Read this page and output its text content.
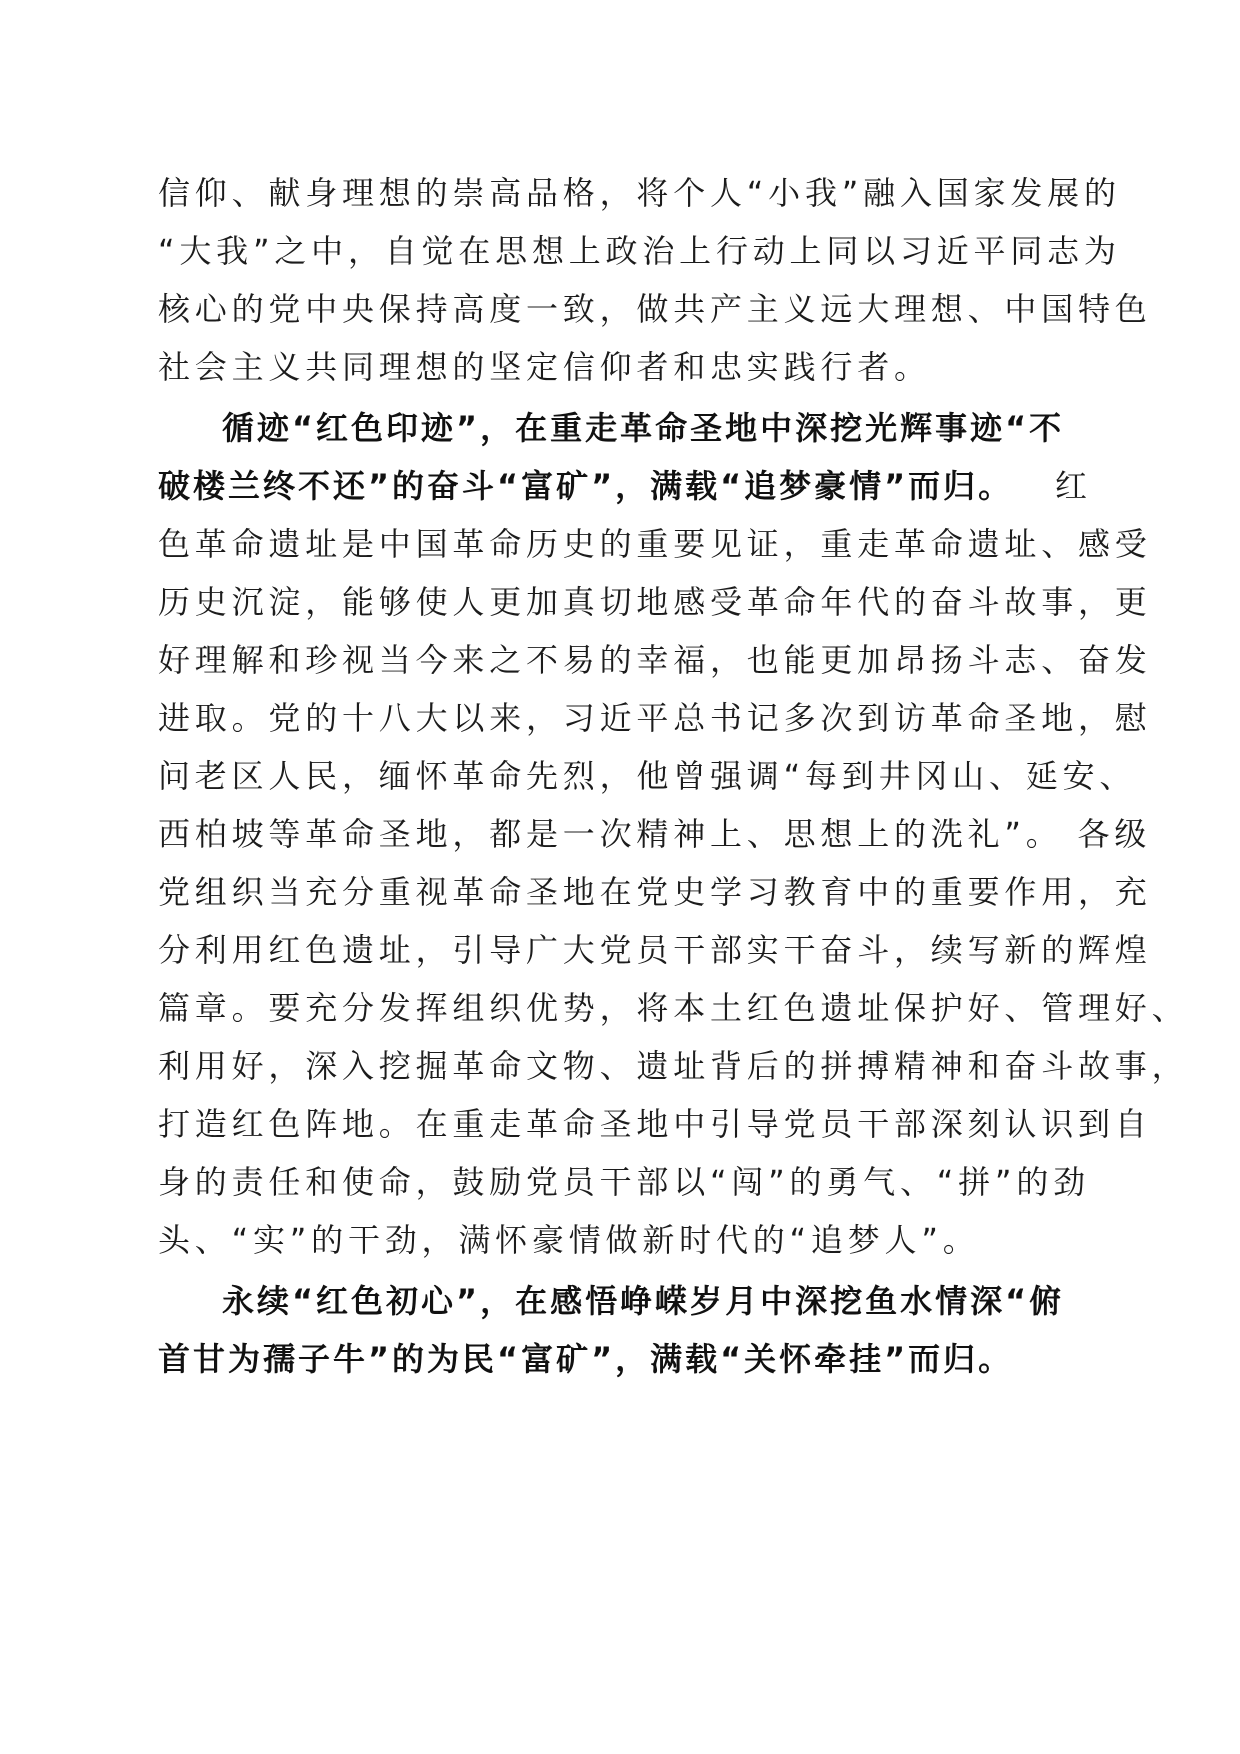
信仰、献身理想的崇高品格，将个人“小我”融入国家发展的
“大我”之中，自觉在思想上政治上行动上同以习近平同志为
核心的党中央保持高度一致，做共产主义远大理想、中国特色
社会主义共同理想的坚定信仰者和忠实践行者。
循迹“红色印迹”，在重走革命圣地中深挖光辉事迹“不
破楼兰终不还”的奋斗“富矿”，满载“追梦豪情”而归。	红
色革命遗址是中国革命历史的重要见证，重走革命遗址、感受
历史沉淀，能够使人更加真切地感受革命年代的奋斗故事，更
好理解和珍视当今来之不易的幸福，也能更加昂扬斗志、奋发
进取。党的十八大以来，习近平总书记多次到访革命圣地，慰
问老区人民，缅怀革命先烈，他曾强调“每到井冈山、延安、
西柏坡等革命圣地，都是一次精神上、思想上的洗礼”。 各级
党组织当充分重视革命圣地在党史学习教育中的重要作用，充
分利用红色遗址，引导广大党员干部实干奋斗，续写新的辉煌
篇章。要充分发挥组织优势，将本土红色遗址保护好、管理好、
利用好，深入挖掘革命文物、遗址背后的拼搏精神和奋斗故事，
打造红色阵地。在重走革命圣地中引导党员干部深刻认识到自
身的责任和使命，鼓励党员干部以“闯”的勇气、“拼”的劲
头、“实”的干劲，满怀豪情做新时代的“追梦人”。
永续“红色初心”，在感悟峥嵘岁月中深挖鱼水情深“俯
首甘为孺子牛”的为民“富矿”，满载“关怀牵挂”而归。
